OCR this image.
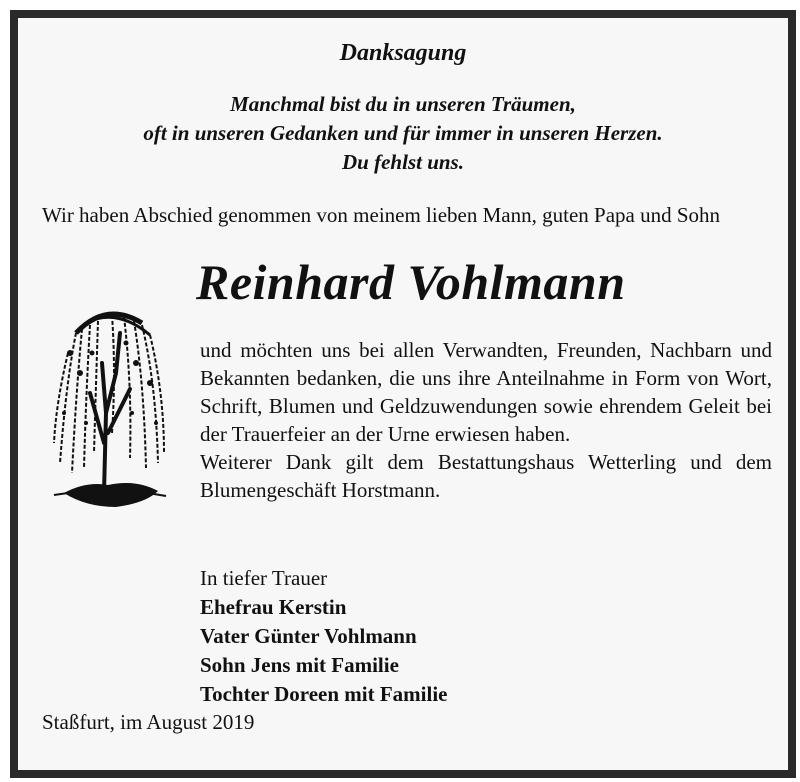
Danksagung
Manchmal bist du in unseren Träumen,
oft in unseren Gedanken und für immer in unseren Herzen.
Du fehlst uns.
Wir haben Abschied genommen von meinem lieben Mann, guten Papa und Sohn
Reinhard Vohlmann

und möchten uns bei allen Verwandten, Freunden, Nachbarn und Bekannten bedanken, die uns ihre Anteilnahme in Form von Wort, Schrift, Blumen und Geldzuwendungen sowie ehrendem Geleit bei der Trauerfeier an der Urne erwiesen haben.

Weiterer Dank gilt dem Bestattungshaus Wetterling und dem Blumengeschäft Horstmann.

In tiefer Trauer
Ehefrau Kerstin
Vater Günter Vohlmann
Sohn Jens mit Familie
Tochter Doreen mit Familie
Staßfurt, im August 2019
